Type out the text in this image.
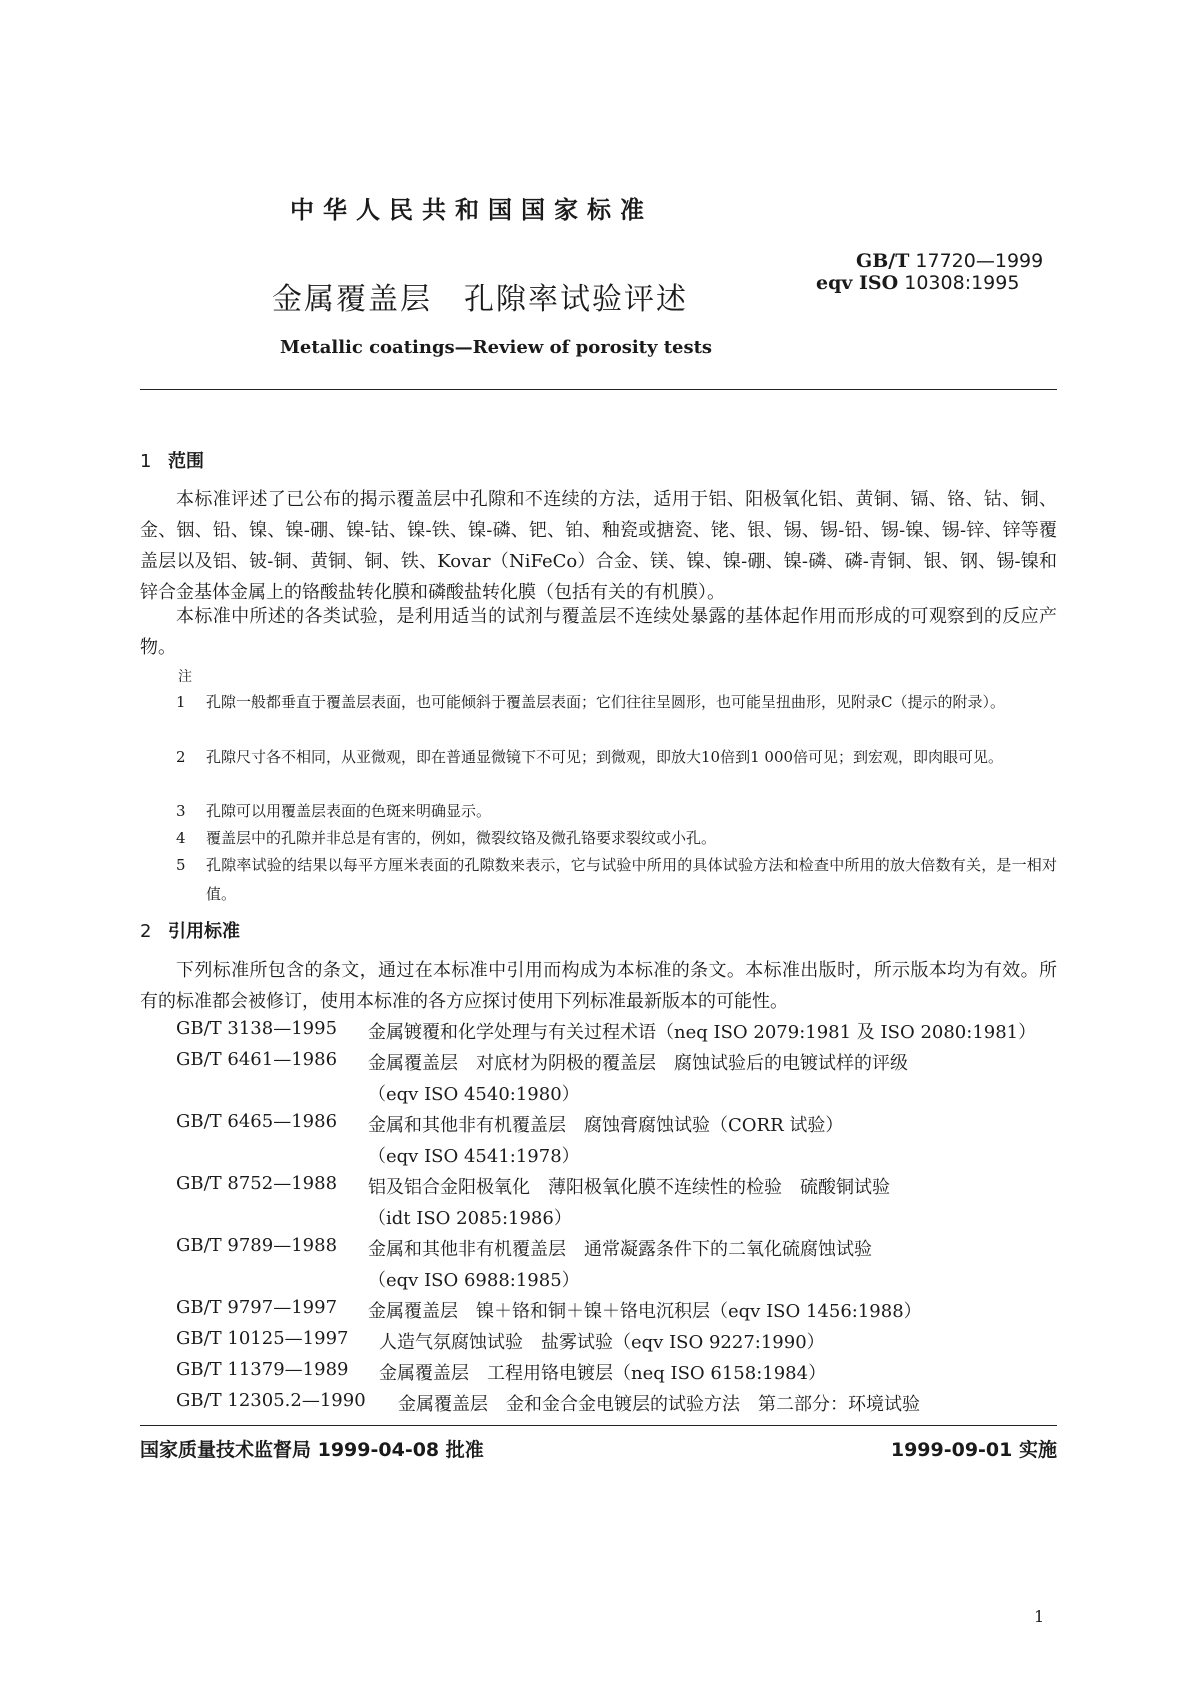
中华人民共和国国家标准
GB/T 17720—1999
eqv ISO 10308:1995
金属覆盖层　孔隙率试验评述
Metallic coatings—Review of porosity tests
1 范围
本标准评述了已公布的揭示覆盖层中孔隙和不连续的方法，适用于铝、阳极氧化铝、黄铜、镉、铬、钴、铜、金、铟、铅、镍、镍-硼、镍-钴、镍-铁、镍-磷、钯、铂、釉瓷或搪瓷、铑、银、锡、锡-铅、锡-镍、锡-锌、锌等覆盖层以及铝、铍-铜、黄铜、铜、铁、Kovar（NiFeCo）合金、镁、镍、镍-硼、镍-磷、磷-青铜、银、钢、锡-镍和锌合金基体金属上的铬酸盐转化膜和磷酸盐转化膜（包括有关的有机膜）。
本标准中所述的各类试验，是利用适当的试剂与覆盖层不连续处暴露的基体起作用而形成的可观察到的反应产物。
注
1	孔隙一般都垂直于覆盖层表面，也可能倾斜于覆盖层表面；它们往往呈圆形，也可能呈扭曲形，见附录C（提示的附录）。
2	孔隙尺寸各不相同，从亚微观，即在普通显微镜下不可见；到微观，即放大10倍到1 000倍可见；到宏观，即肉眼可见。
3	孔隙可以用覆盖层表面的色斑来明确显示。
4	覆盖层中的孔隙并非总是有害的，例如，微裂纹铬及微孔铬要求裂纹或小孔。
5	孔隙率试验的结果以每平方厘米表面的孔隙数来表示，它与试验中所用的具体试验方法和检查中所用的放大倍数有关，是一相对值。
2 引用标准
下列标准所包含的条文，通过在本标准中引用而构成为本标准的条文。本标准出版时，所示版本均为有效。所有的标准都会被修订，使用本标准的各方应探讨使用下列标准最新版本的可能性。
GB/T 3138—1995 金属镀覆和化学处理与有关过程术语（neq ISO 2079:1981 及 ISO 2080:1981）
GB/T 6461—1986 金属覆盖层　对底材为阴极的覆盖层　腐蚀试验后的电镀试样的评级
（eqv ISO 4540:1980）
GB/T 6465—1986 金属和其他非有机覆盖层　腐蚀膏腐蚀试验（CORR 试验）
（eqv ISO 4541:1978）
GB/T 8752—1988 铝及铝合金阳极氧化　薄阳极氧化膜不连续性的检验　硫酸铜试验
（idt ISO 2085:1986）
GB/T 9789—1988 金属和其他非有机覆盖层　通常凝露条件下的二氧化硫腐蚀试验
（eqv ISO 6988:1985）
GB/T 9797—1997 金属覆盖层　镍＋铬和铜＋镍＋铬电沉积层（eqv ISO 1456:1988）
GB/T 10125—1997 人造气氛腐蚀试验　盐雾试验（eqv ISO 9227:1990）
GB/T 11379—1989 金属覆盖层　工程用铬电镀层（neq ISO 6158:1984）
GB/T 12305.2—1990 金属覆盖层　金和金合金电镀层的试验方法　第二部分：环境试验
国家质量技术监督局 1999-04-08 批准	1999-09-01 实施
1
